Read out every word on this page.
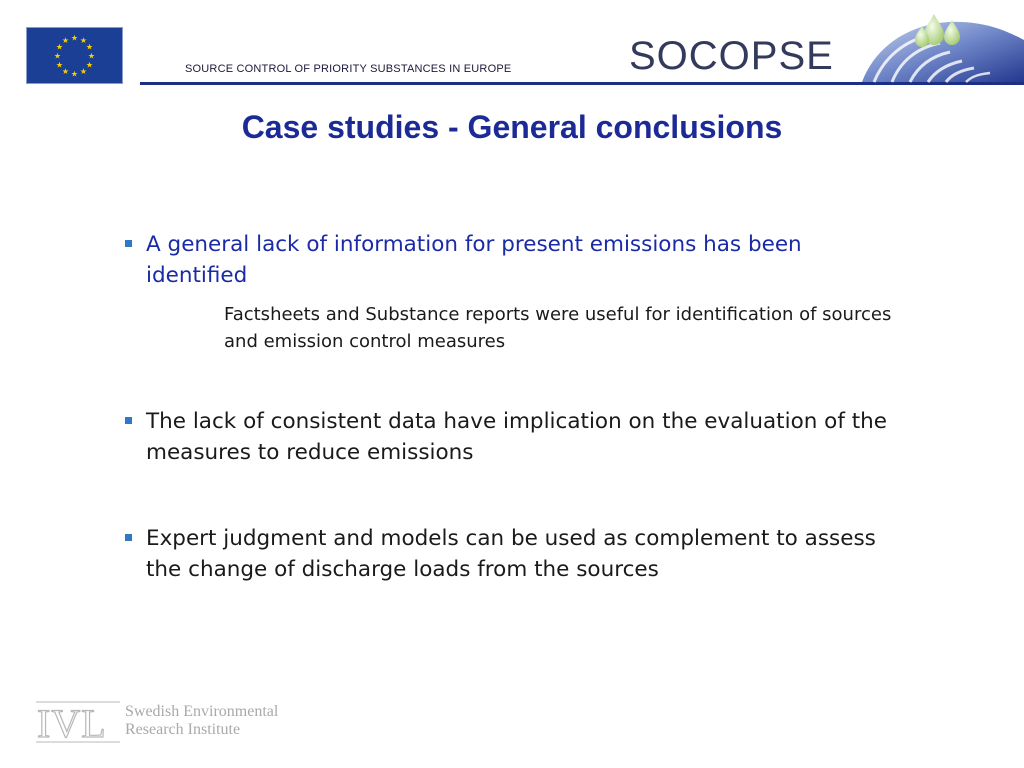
★ ★
★
★
★
★
★
★
★
★
★
★
SOURCE CONTROL OF PRIORITY SUBSTANCES IN EUROPE	SOCOPSE
Case studies - General conclusions
A general lack of information for present emissions has been identified
Factsheets and Substance reports were useful for identification of sources and emission control measures
The lack of consistent data have implication on the evaluation of the measures to reduce emissions
Expert judgment and models can be used as complement to assess the change of discharge loads from the sources
IVL Swedish Environmental
Research Institute
